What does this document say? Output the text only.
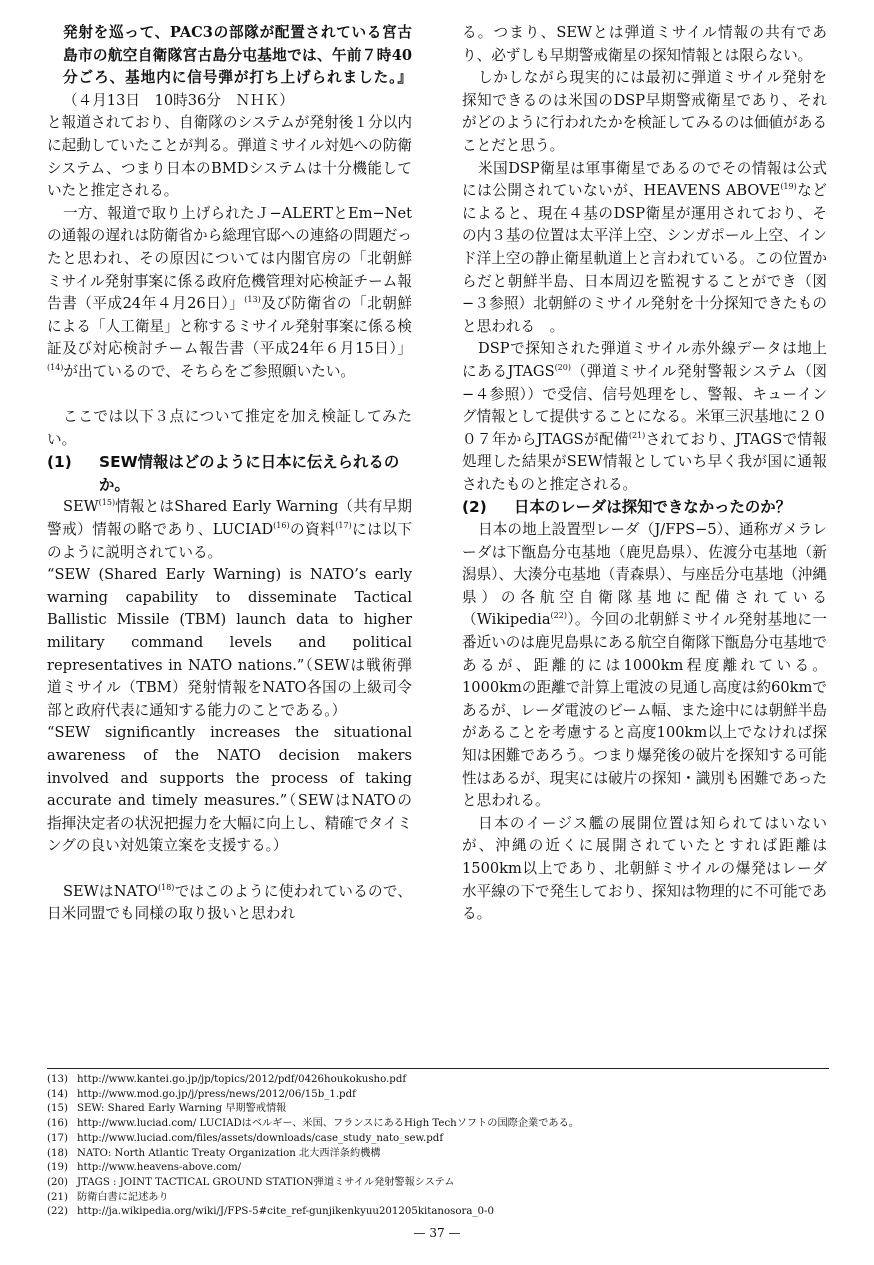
発射を巡って、PAC3の部隊が配置されている宮古島市の航空自衛隊宮古島分屯基地では、午前７時40分ごろ、基地内に信号弾が打ち上げられました。』（４月13日　10時36分　ＮＨＫ）

と報道されており、自衛隊のシステムが発射後１分以内に起動していたことが判る。弾道ミサイル対処への防衛システム、つまり日本のBMDシステムは十分機能していたと推定される。

一方、報道で取り上げられたＪ−ALERTとEm−Netの通報の遅れは防衛省から総理官邸への連絡の問題だったと思われ、その原因については内閣官房の「北朝鮮ミサイル発射事案に係る政府危機管理対応検証チーム報告書（平成24年４月26日）」$^{(13)}$及び防衛省の「北朝鮮による「人工衛星」と称するミサイル発射事案に係る検証及び対応検討チーム報告書（平成24年６月15日）」$^{(14)}$が出ているので、そちらをご参照願いたい。

ここでは以下３点について推定を加え検証してみたい。

(1)	SEW情報はどのように日本に伝えられるのか。

SEW$^{(15)}$情報とはShared Early Warning（共有早期警戒）情報の略であり、LUCIAD$^{(16)}$の資料$^{(17)}$には以下のように説明されている。

“SEW (Shared Early Warning) is NATO’s early warning capability to disseminate Tactical Ballistic Missile (TBM) launch data to higher military command levels and political representatives in NATO nations.”（SEWは戦術弾道ミサイル（TBM）発射情報をNATO各国の上級司令部と政府代表に通知する能力のことである。）

“SEW significantly increases the situational awareness of the NATO decision makers involved and supports the process of taking accurate and timely measures.”（SEWはNATOの指揮決定者の状況把握力を大幅に向上し、精確でタイミングの良い対処策立案を支援する。）

SEWはNATO$^{(18)}$ではこのように使われているので、日米同盟でも同様の取り扱いと思われ

る。つまり、SEWとは弾道ミサイル情報の共有であり、必ずしも早期警戒衛星の探知情報とは限らない。

しかしながら現実的には最初に弾道ミサイル発射を探知できるのは米国のDSP早期警戒衛星であり、それがどのように行われたかを検証してみるのは価値があることだと思う。

米国DSP衛星は軍事衛星であるのでその情報は公式には公開されていないが、HEAVENS ABOVE$^{(19)}$などによると、現在４基のDSP衛星が運用されており、その内３基の位置は太平洋上空、シンガポール上空、インド洋上空の静止衛星軌道上と言われている。この位置からだと朝鮮半島、日本周辺を監視することができ（図−３参照）北朝鮮のミサイル発射を十分探知できたものと思われる　。

DSPで探知された弾道ミサイル赤外線データは地上にあるJTAGS$^{(20)}$（弾道ミサイル発射警報システム（図−４参照））で受信、信号処理をし、警報、キューイング情報として提供することになる。米軍三沢基地に２００７年からJTAGSが配備$^{(21)}$されており、JTAGSで情報処理した結果がSEW情報としていち早く我が国に通報されたものと推定される。

(2)	日本のレーダは探知できなかったのか？

日本の地上設置型レーダ（J/FPS−5）、通称ガメラレーダは下甑島分屯基地（鹿児島県）、佐渡分屯基地（新潟県）、大湊分屯基地（青森県）、与座岳分屯基地（沖縄県）の各航空自衛隊基地に配備されている（Wikipedia$^{(22)}$）。今回の北朝鮮ミサイル発射基地に一番近いのは鹿児島県にある航空自衛隊下甑島分屯基地であるが、距離的には1000km程度離れている。1000kmの距離で計算上電波の見通し高度は約60kmであるが、レーダ電波のビーム幅、また途中には朝鮮半島があることを考慮すると高度100km以上でなければ探知は困難であろう。つまり爆発後の破片を探知する可能性はあるが、現実には破片の探知・識別も困難であったと思われる。

日本のイージス艦の展開位置は知られてはいないが、沖縄の近くに展開されていたとすれば距離は1500km以上であり、北朝鮮ミサイルの爆発はレーダ水平線の下で発生しており、探知は物理的に不可能である。

(13) http://www.kantei.go.jp/jp/topics/2012/pdf/0426houkokusho.pdf
(14) http://www.mod.go.jp/j/press/news/2012/06/15b_1.pdf
(15) SEW: Shared Early Warning 早期警戒情報
(16) http://www.luciad.com/ LUCIADはベルギー、米国、フランスにあるHigh Techソフトの国際企業である。
(17) http://www.luciad.com/files/assets/downloads/case_study_nato_sew.pdf
(18) NATO: North Atlantic Treaty Organization 北大西洋条約機構
(19) http://www.heavens-above.com/
(20) JTAGS : JOINT TACTICAL GROUND STATION弾道ミサイル発射警報システム
(21) 防衛白書に記述あり
(22) http://ja.wikipedia.org/wiki/J/FPS-5#cite_ref-gunjikenkyuu201205kitanosora_0-0
— 37 —
